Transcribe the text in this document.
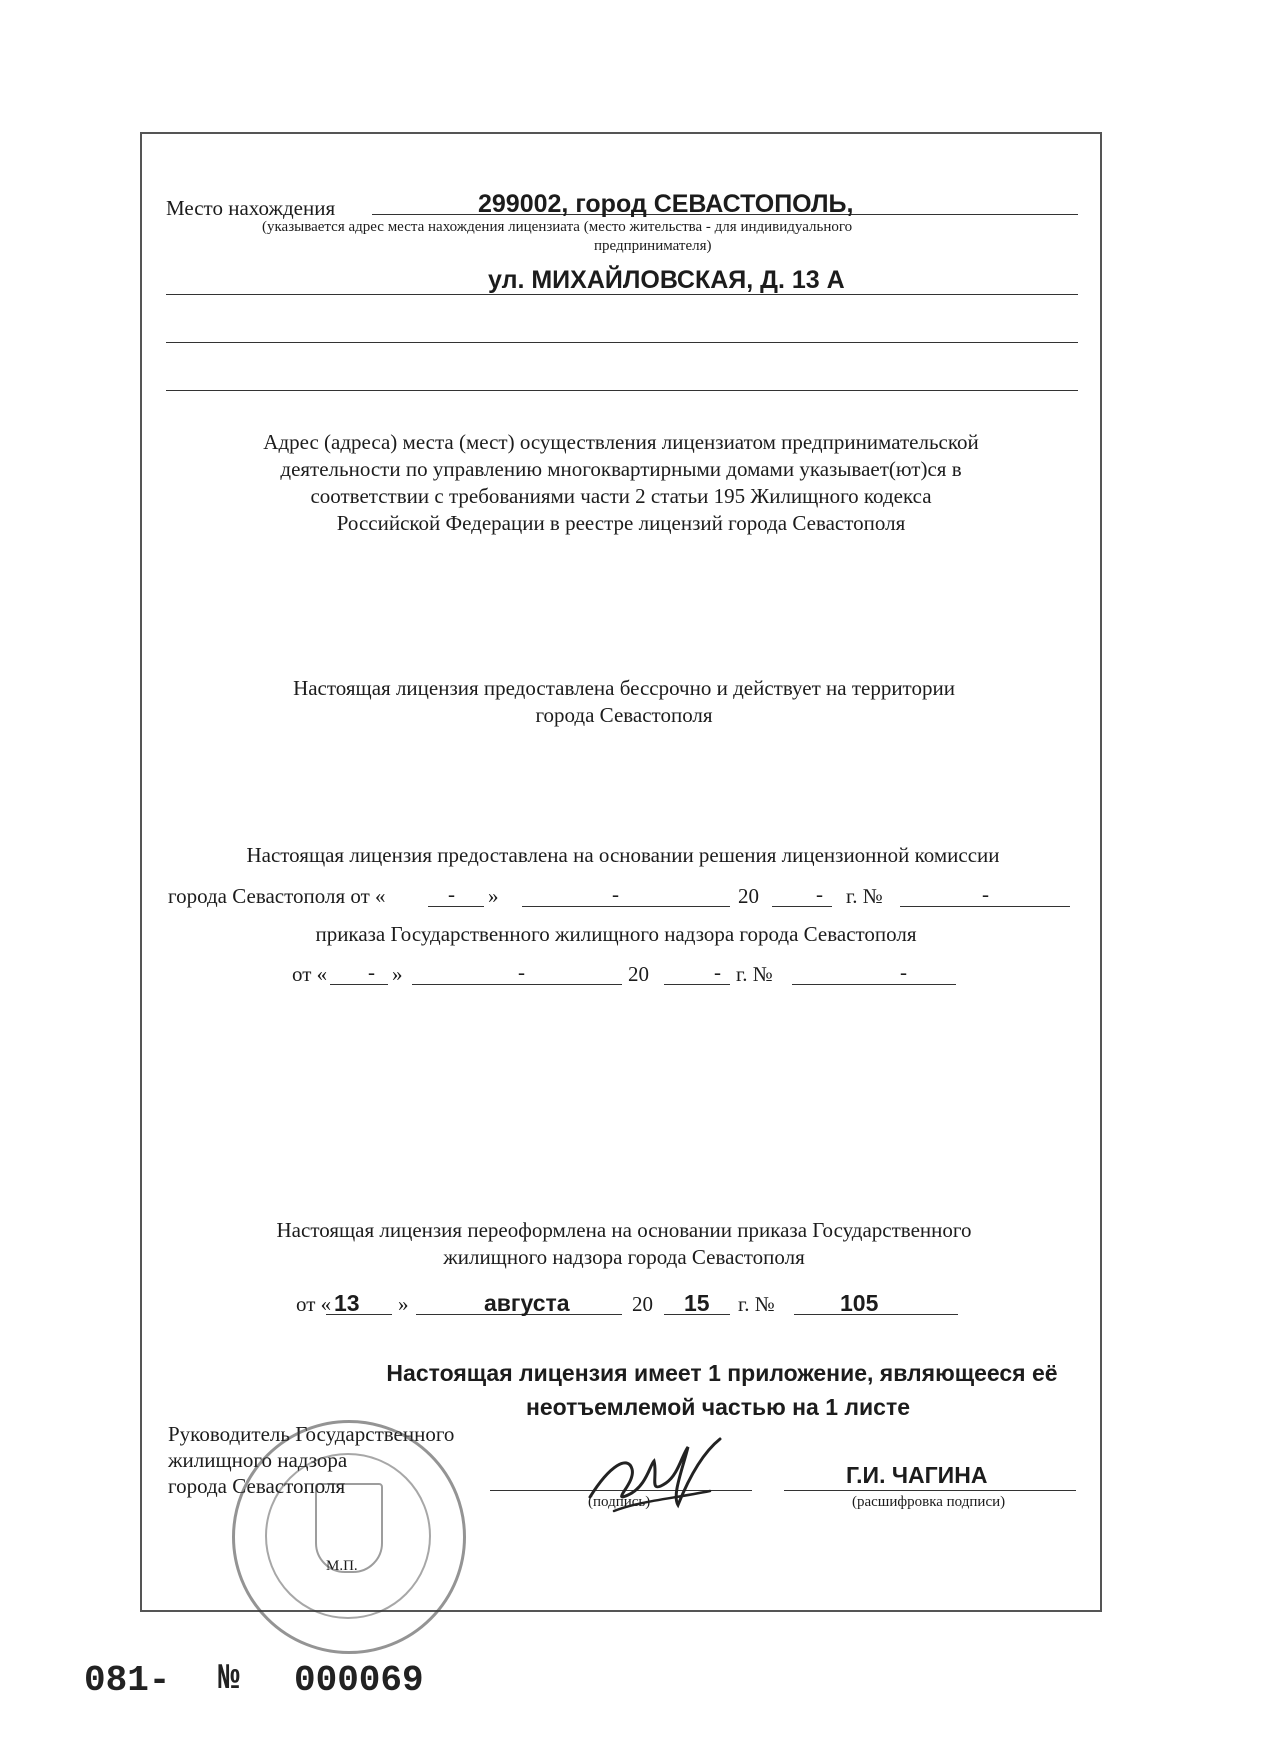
Место нахождения	299002, город СЕВАСТОПОЛЬ,
(указывается адрес места нахождения лицензиата (место жительства - для индивидуального
предпринимателя)
ул. МИХАЙЛОВСКАЯ, Д. 13 А
Адрес (адреса) места (мест) осуществления лицензиатом предпринимательской
деятельности по управлению многоквартирными домами указывает(ют)ся в
соответствии с требованиями части 2 статьи 195 Жилищного кодекса
Российской Федерации в реестре лицензий города Севастополя
Настоящая лицензия предоставлена бессрочно и действует на территории
города Севастополя
Настоящая лицензия предоставлена на основании решения лицензионной комиссии
города Севастополя от «	- »	-	20	- г. №	-
приказа Государственного жилищного надзора города Севастополя
от « - »	-	20	- г. №	-
Настоящая лицензия переоформлена на основании приказа Государственного
жилищного надзора города Севастополя
от « 13 »	августа	20 15 г. №	105
Настоящая лицензия имеет 1 приложение, являющееся её
неотъемлемой частью на 1 листе
Руководитель Государственного
жилищного надзора
города Севастополя
(подпись)
Г.И. ЧАГИНА
(расшифровка подписи)
М.П.
081- № 000069
